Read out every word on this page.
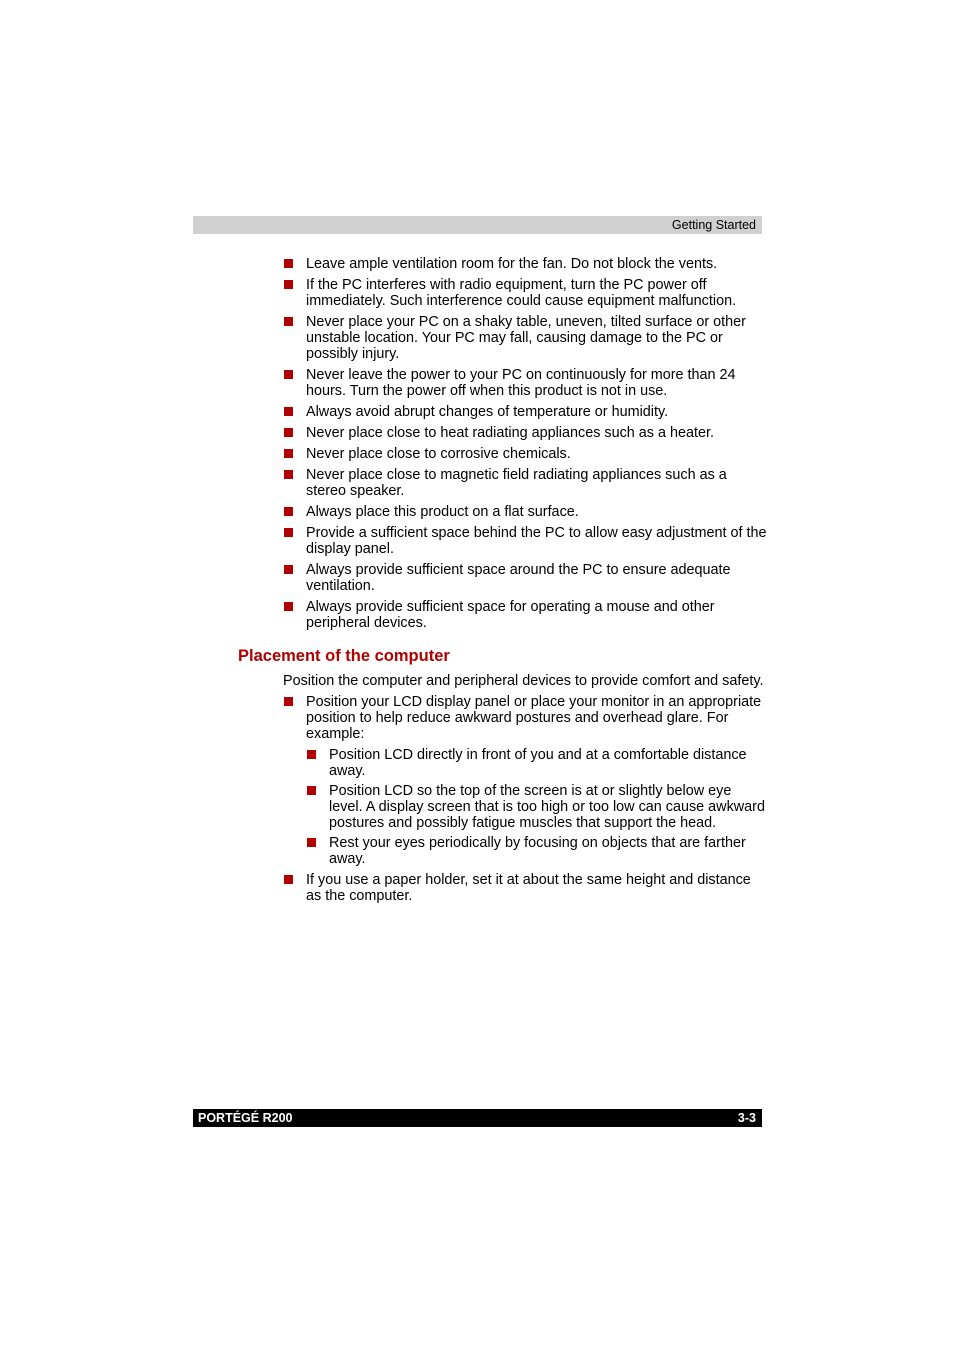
Getting Started
Leave ample ventilation room for the fan. Do not block the vents.
If the PC interferes with radio equipment, turn the PC power off immediately. Such interference could cause equipment malfunction.
Never place your PC on a shaky table, uneven, tilted surface or other unstable location. Your PC may fall, causing damage to the PC or possibly injury.
Never leave the power to your PC on continuously for more than 24 hours. Turn the power off when this product is not in use.
Always avoid abrupt changes of temperature or humidity.
Never place close to heat radiating appliances such as a heater.
Never place close to corrosive chemicals.
Never place close to magnetic field radiating appliances such as a stereo speaker.
Always place this product on a flat surface.
Provide a sufficient space behind the PC to allow easy adjustment of the display panel.
Always provide sufficient space around the PC to ensure adequate ventilation.
Always provide sufficient space for operating a mouse and other peripheral devices.
Placement of the computer

Position the computer and peripheral devices to provide comfort and safety.

Position your LCD display panel or place your monitor in an appropriate position to help reduce awkward postures and overhead glare. For example:
Position LCD directly in front of you and at a comfortable distance away.
Position LCD so the top of the screen is at or slightly below eye level. A display screen that is too high or too low can cause awkward postures and possibly fatigue muscles that support the head.
Rest your eyes periodically by focusing on objects that are farther away.
If you use a paper holder, set it at about the same height and distance as the computer.
PORTÉGÉ R200	3-3
